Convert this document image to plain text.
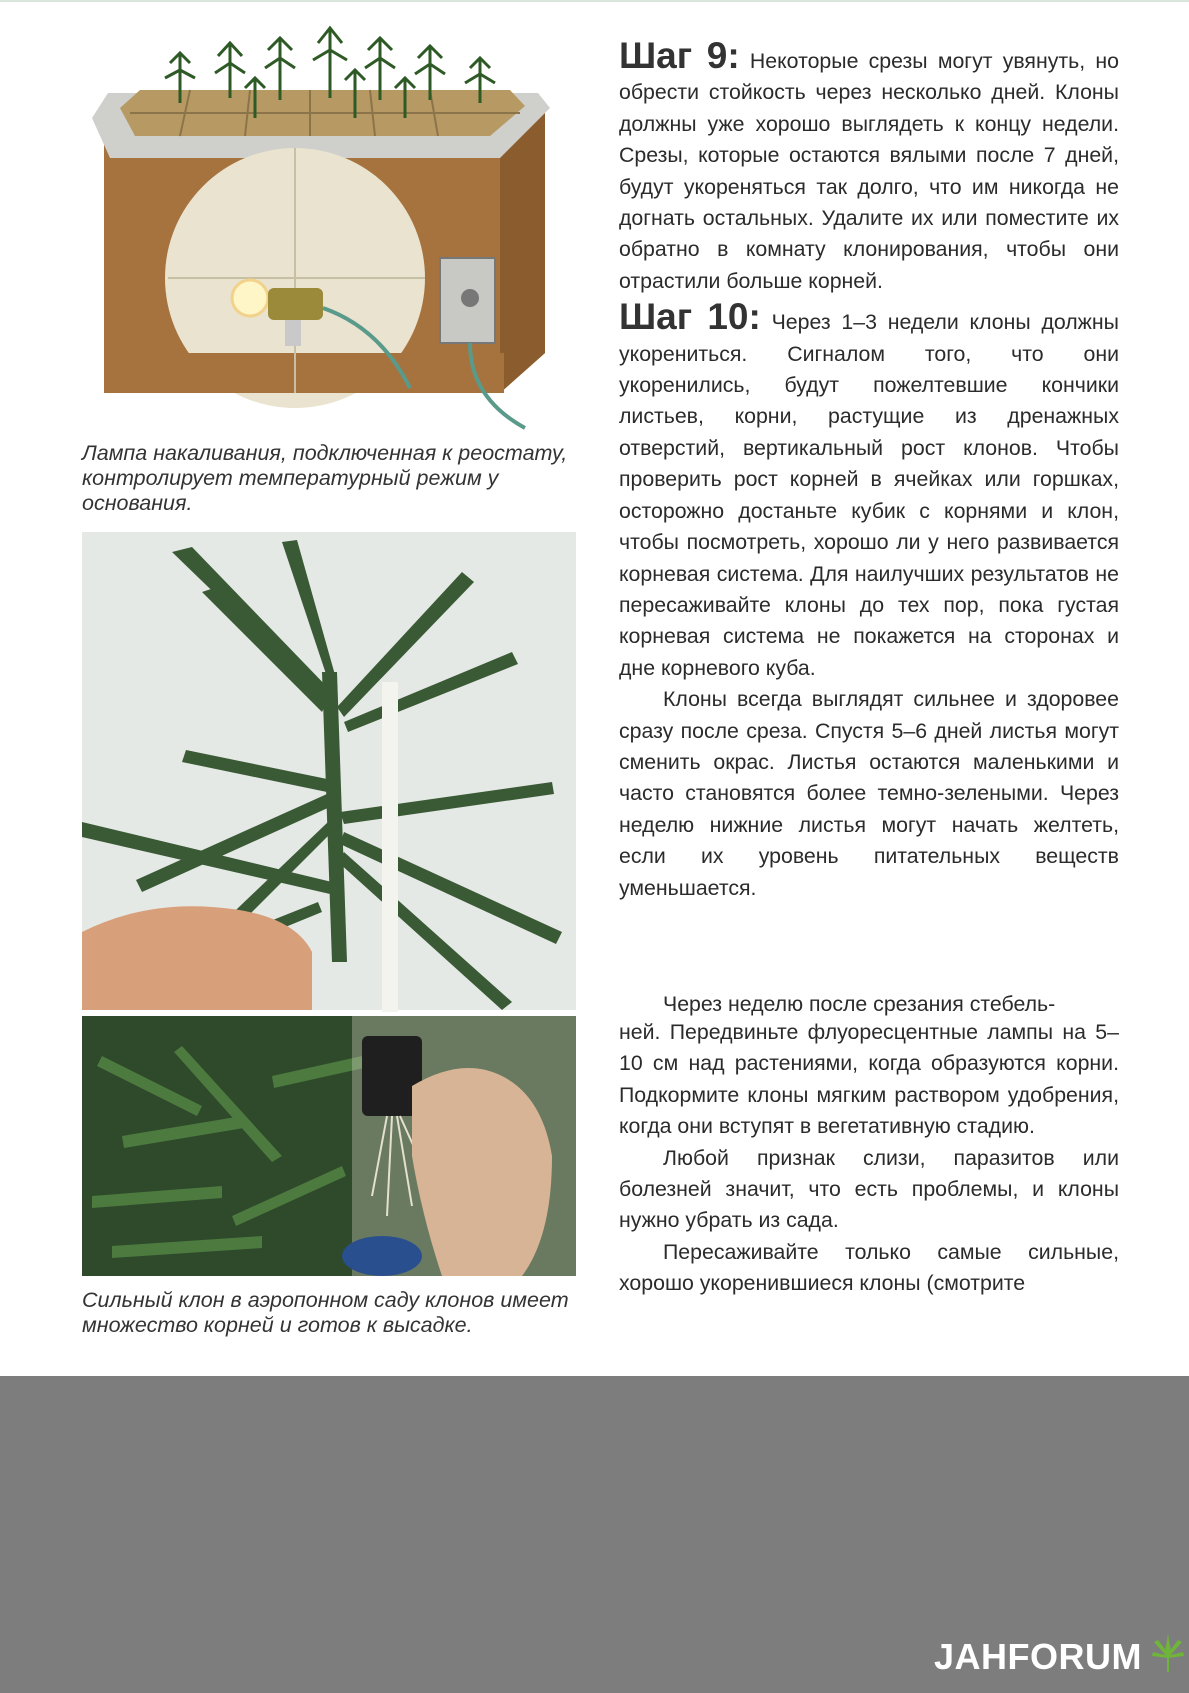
Лампа накаливания, подключенная к реостату, контролирует температурный режим у основания.
Сильный клон в аэропонном саду клонов имеет множество корней и готов к высадке.

Шаг 9: Некоторые срезы могут увянуть, но обрести стойкость через несколько дней. Клоны должны уже хорошо выглядеть к концу недели. Срезы, которые остаются вялыми после 7 дней, будут укореняться так долго, что им никогда не догнать остальных. Удалите их или поместите их обратно в комнату клонирования, чтобы они отрастили больше корней.

Шаг 10: Через 1–3 недели клоны должны укорениться. Сигналом того, что они укоренились, будут пожелтевшие кончики листьев, корни, растущие из дренажных отверстий, вертикальный рост клонов. Чтобы проверить рост корней в ячейках или горшках, осторожно достаньте кубик с корнями и клон, чтобы посмотреть, хорошо ли у него развивается корневая система. Для наилучших результатов не пересаживайте клоны до тех пор, пока густая корневая система не покажется на сторонах и дне корневого куба.

Клоны всегда выглядят сильнее и здоровее сразу после среза. Спустя 5–6 дней листья могут сменить окрас. Листья остаются маленькими и часто становятся более темно-зелеными. Через неделю нижние листья могут начать желтеть, если их уровень питательных веществ уменьшается.

Через неделю после срезания стебель-

ней. Передвиньте флуоресцентные лампы на 5–10 см над растениями, когда образуются корни. Подкормите клоны мягким раствором удобрения, когда они вступят в вегетативную стадию.

Любой признак слизи, паразитов или болезней значит, что есть проблемы, и клоны нужно убрать из сада.

Пересаживайте только самые сильные, хорошо укоренившиеся клоны (смотрите

JAHFORUM
